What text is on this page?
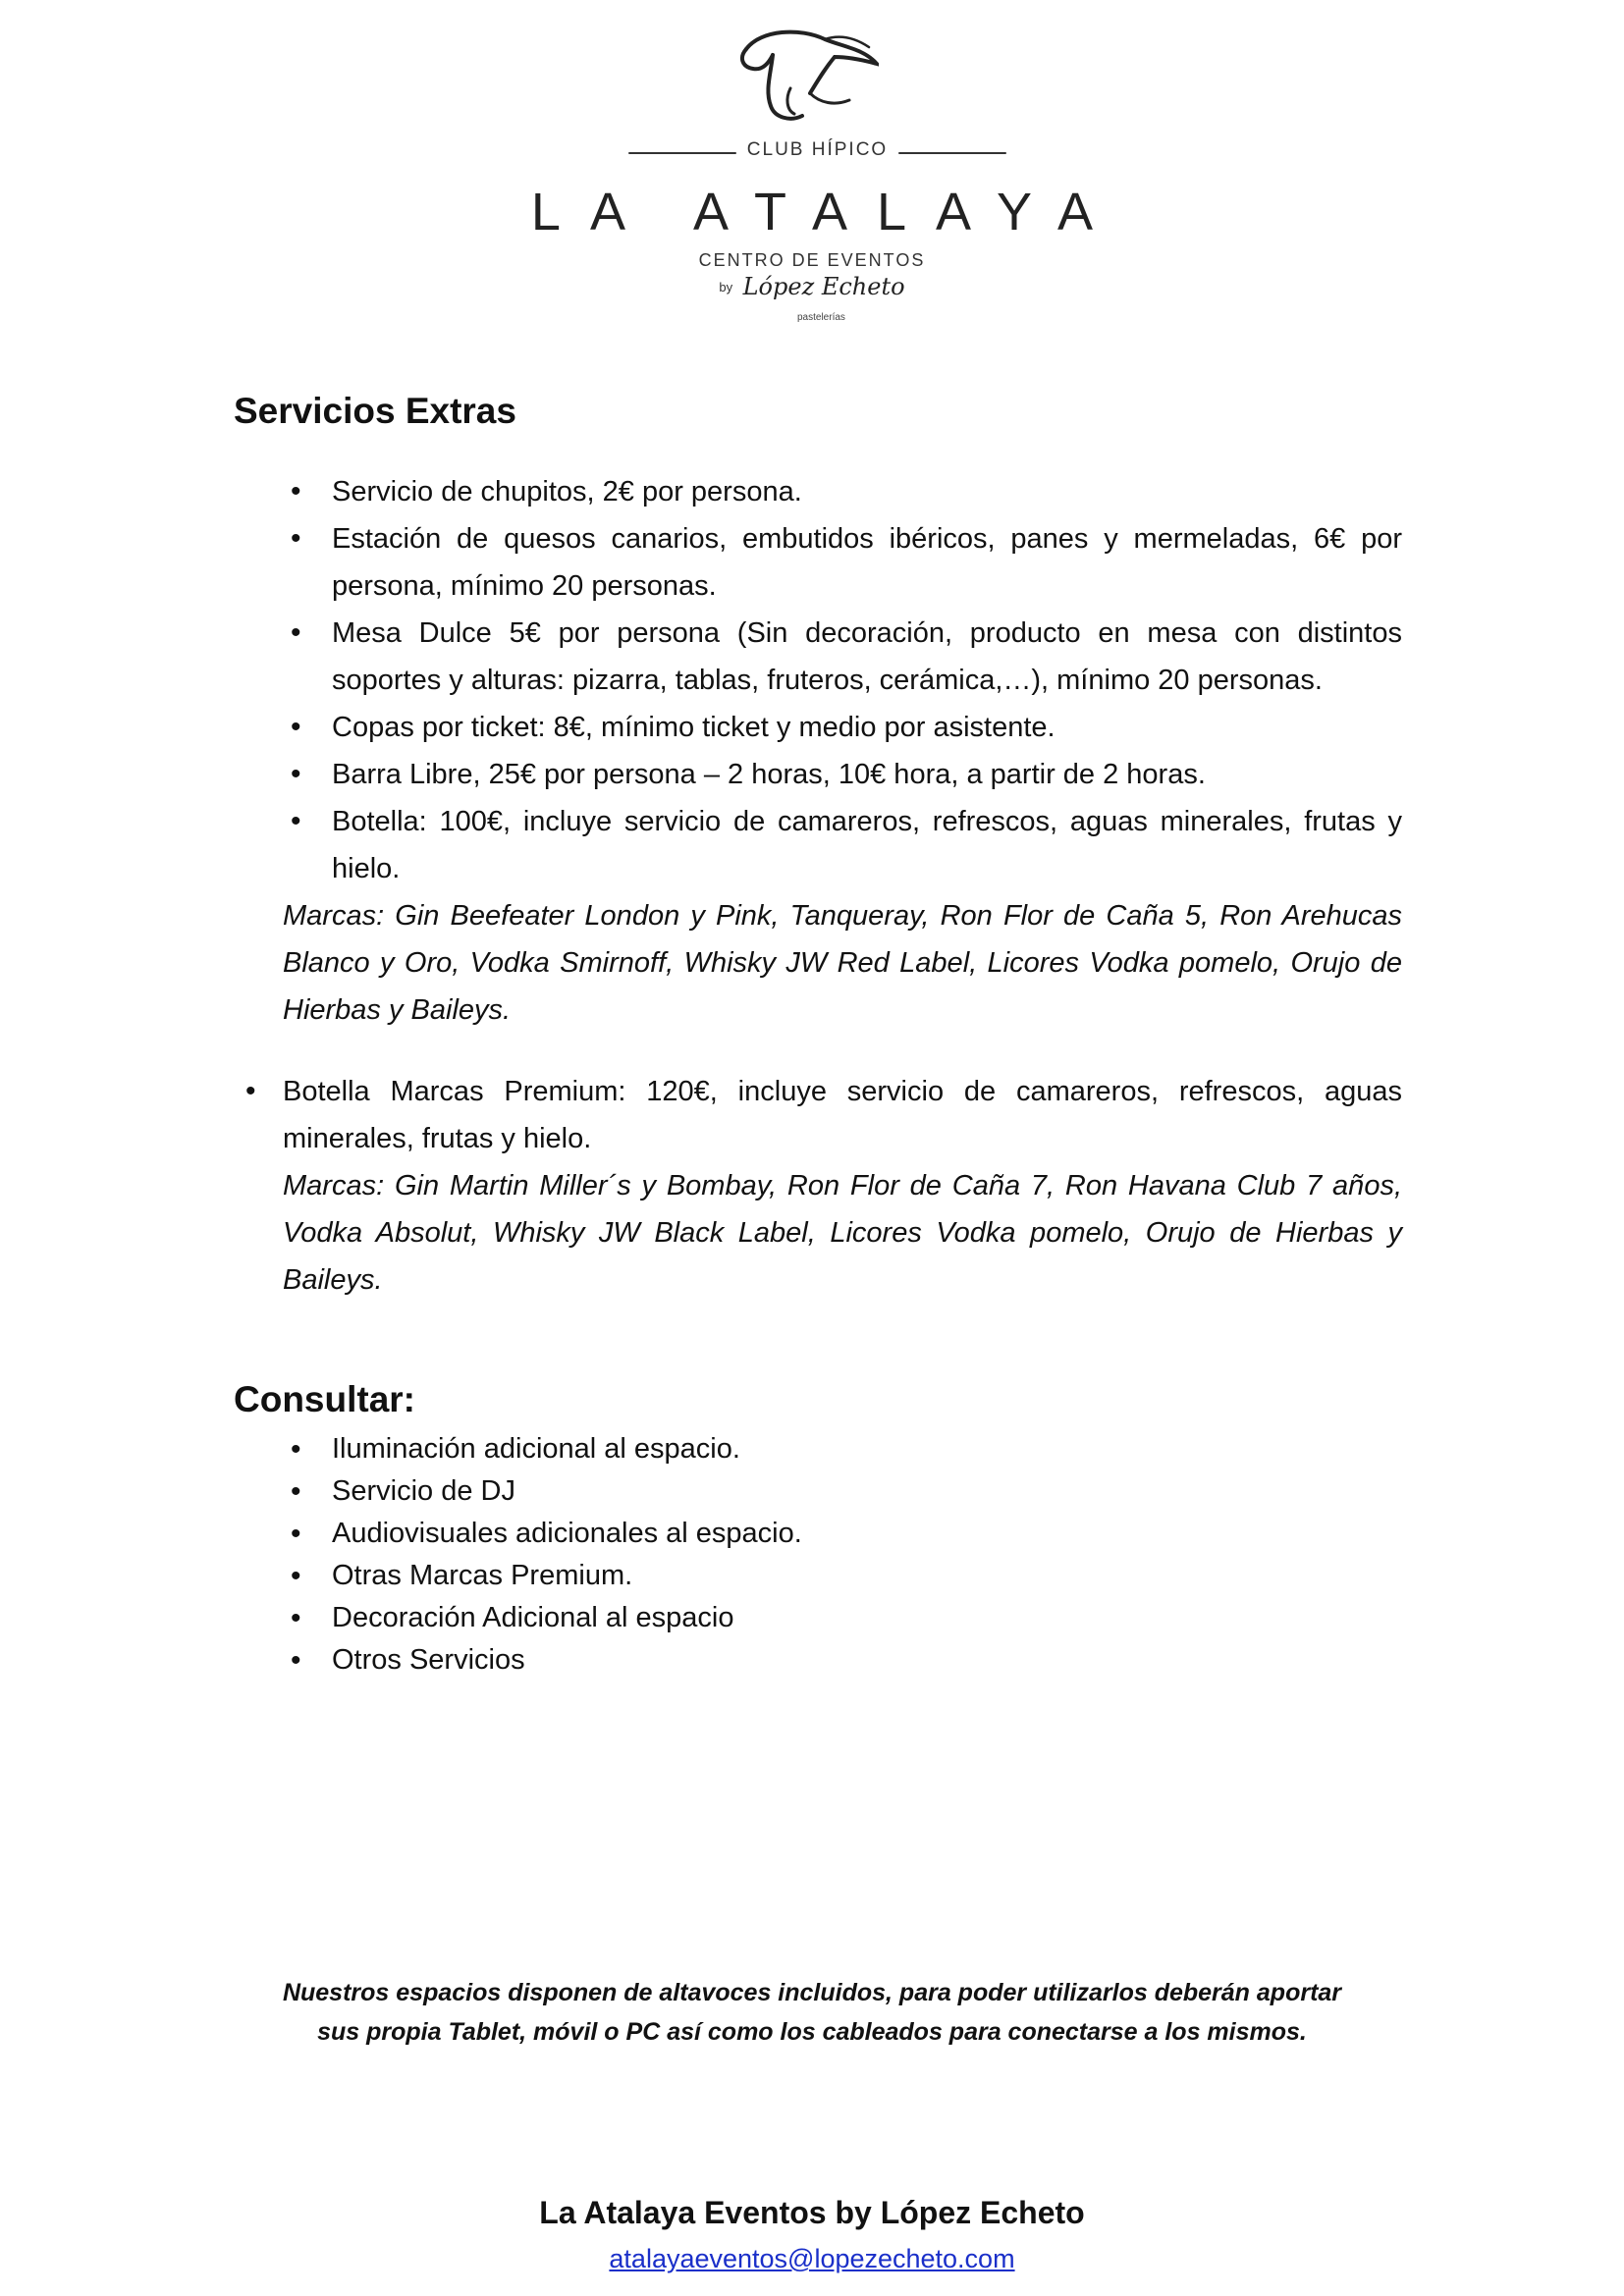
CLUB HÍPICO
LA ATALAYA
CENTRO DE EVENTOS
by López Echeto
pastelerías
Servicios Extras
• Servicio de chupitos, 2€ por persona.
• Estación de quesos canarios, embutidos ibéricos, panes y mermeladas, 6€ por persona, mínimo 20 personas.
• Mesa Dulce 5€ por persona (Sin decoración, producto en mesa con distintos soportes y alturas: pizarra, tablas, fruteros, cerámica,…), mínimo 20 personas.
• Copas por ticket: 8€, mínimo ticket y medio por asistente.
• Barra Libre, 25€ por persona – 2 horas, 10€ hora, a partir de 2 horas.
• Botella: 100€, incluye servicio de camareros, refrescos, aguas minerales, frutas y hielo.
Marcas: Gin Beefeater London y Pink, Tanqueray, Ron Flor de Caña 5, Ron Arehucas Blanco y Oro, Vodka Smirnoff, Whisky JW Red Label, Licores Vodka pomelo, Orujo de Hierbas y Baileys.
• Botella Marcas Premium: 120€, incluye servicio de camareros, refrescos, aguas minerales, frutas y hielo.
Marcas: Gin Martin Miller´s y Bombay, Ron Flor de Caña 7, Ron Havana Club 7 años, Vodka Absolut, Whisky JW Black Label, Licores Vodka pomelo, Orujo de Hierbas y Baileys.
Consultar:
• Iluminación adicional al espacio.
• Servicio de DJ
• Audiovisuales adicionales al espacio.
• Otras Marcas Premium.
• Decoración Adicional al espacio
• Otros Servicios
Nuestros espacios disponen de altavoces incluidos, para poder utilizarlos deberán aportar
sus propia Tablet, móvil o PC así como los cableados para conectarse a los mismos.
La Atalaya Eventos by López Echeto
atalayaeventos@lopezecheto.com
